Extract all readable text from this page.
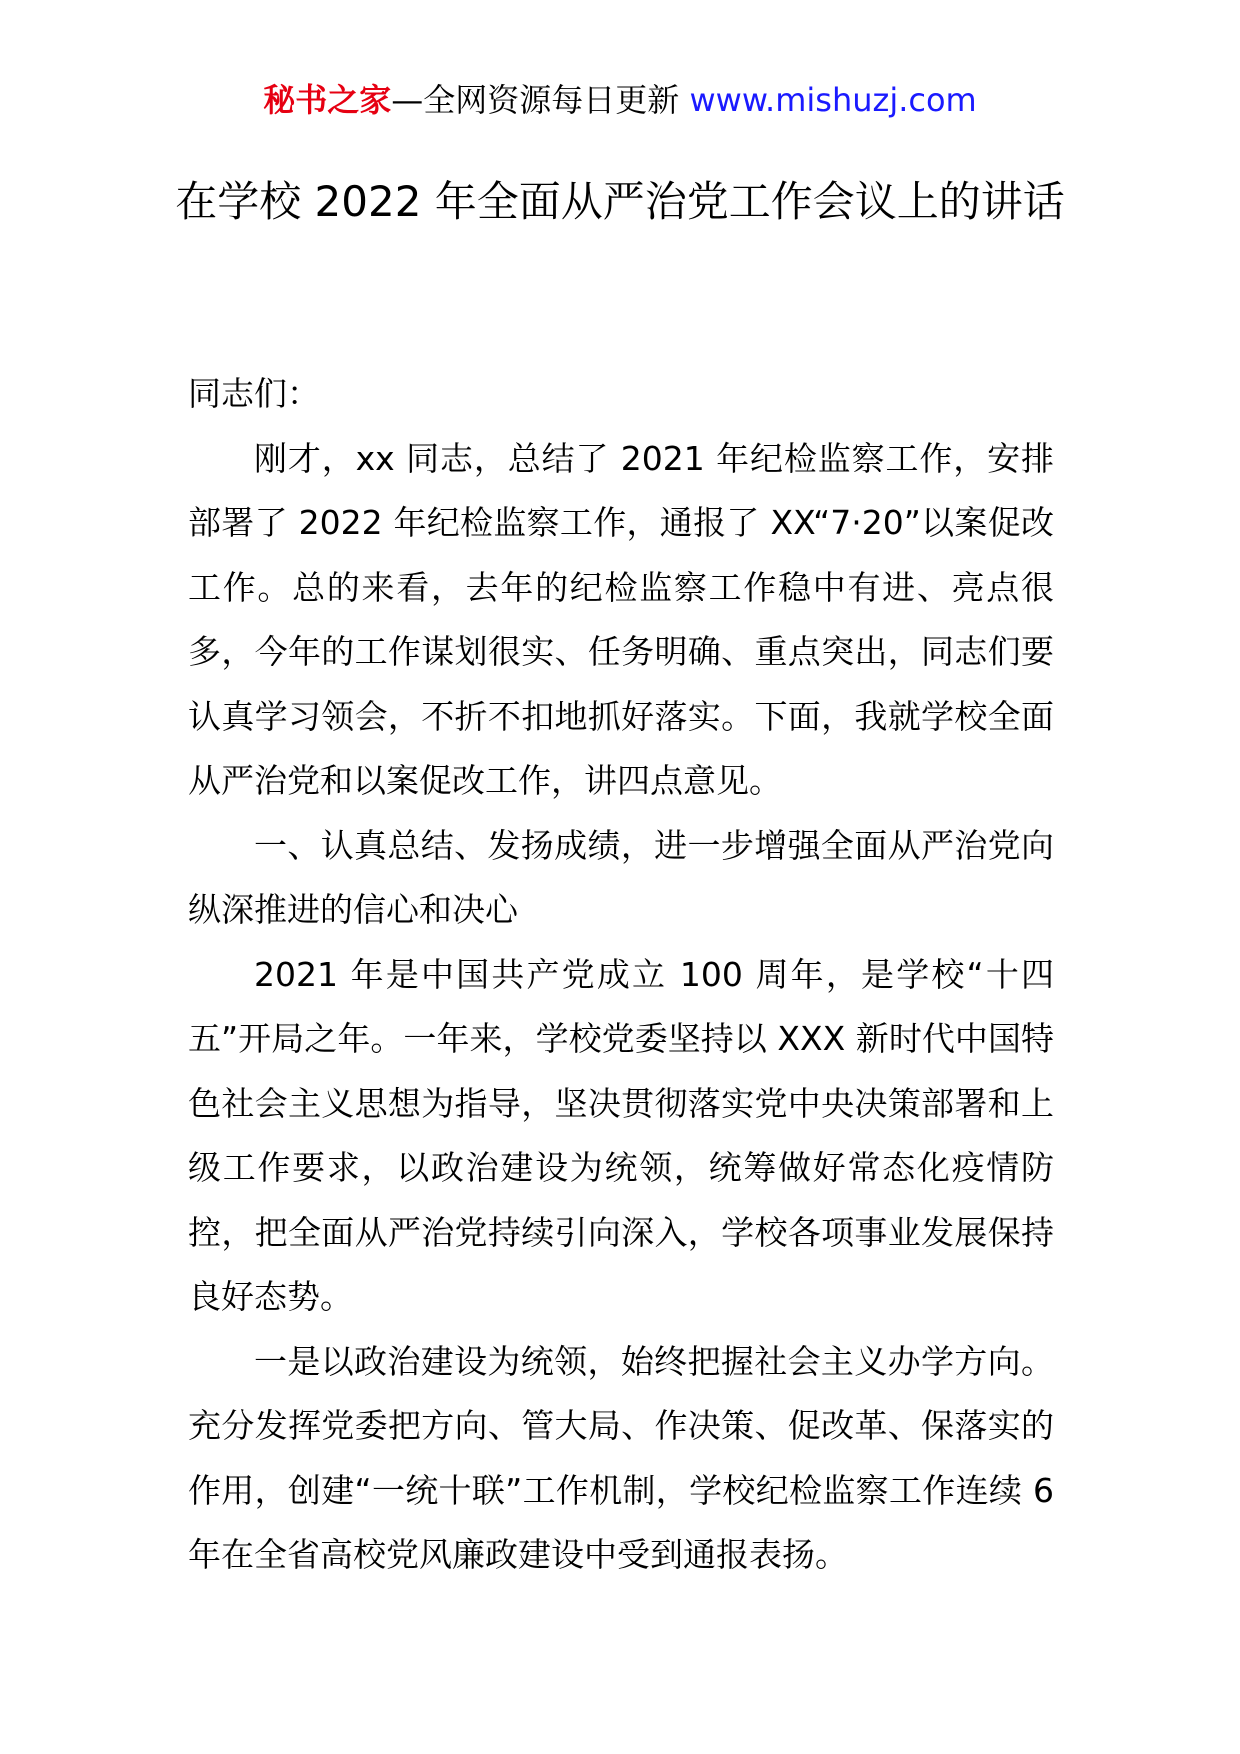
秘书之家—全网资源每日更新 www.mishuzj.com
在学校 2022 年全面从严治党工作会议上的讲话

同志们：

刚才，xx 同志，总结了 2021 年纪检监察工作，安排部署了 2022 年纪检监察工作，通报了 XX“7·20”以案促改工作。总的来看，去年的纪检监察工作稳中有进、亮点很多，今年的工作谋划很实、任务明确、重点突出，同志们要认真学习领会，不折不扣地抓好落实。下面，我就学校全面从严治党和以案促改工作，讲四点意见。

一、认真总结、发扬成绩，进一步增强全面从严治党向纵深推进的信心和决心

2021 年是中国共产党成立 100 周年，是学校“十四五”开局之年。一年来，学校党委坚持以 XXX 新时代中国特色社会主义思想为指导，坚决贯彻落实党中央决策部署和上级工作要求，以政治建设为统领，统筹做好常态化疫情防控，把全面从严治党持续引向深入，学校各项事业发展保持良好态势。

一是以政治建设为统领，始终把握社会主义办学方向。充分发挥党委把方向、管大局、作决策、促改革、保落实的作用，创建“一统十联”工作机制，学校纪检监察工作连续 6 年在全省高校党风廉政建设中受到通报表扬。
